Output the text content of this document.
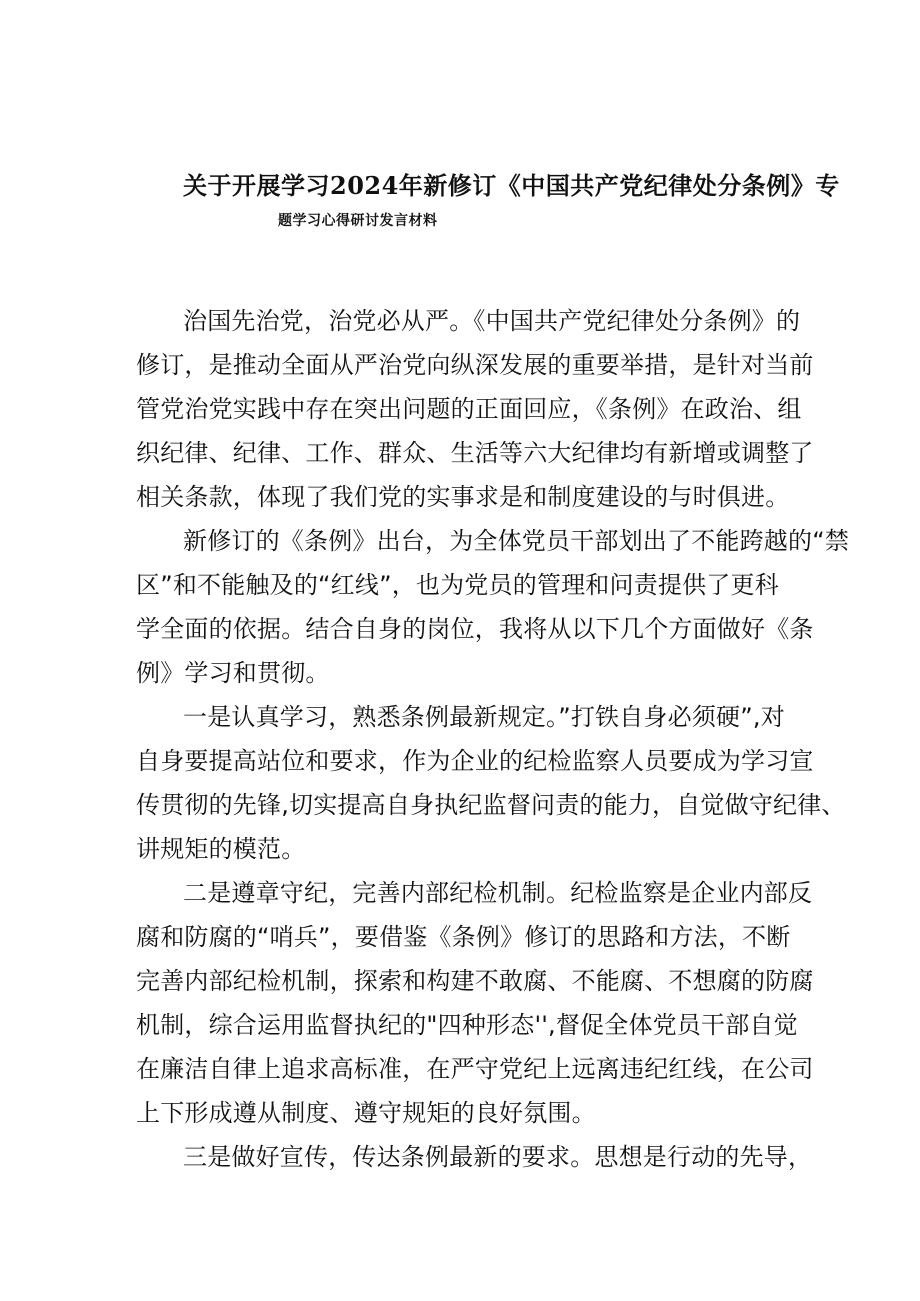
关于开展学习2024年新修订《中国共产党纪律处分条例》专
题学习心得研讨发言材料
治国先治党，治党必从严。《中国共产党纪律处分条例》的
修订，是推动全面从严治党向纵深发展的重要举措，是针对当前
管党治党实践中存在突出问题的正面回应，《条例》在政治、组
织纪律、纪律、工作、群众、生活等六大纪律均有新增或调整了
相关条款，体现了我们党的实事求是和制度建设的与时俱进。
新修订的《条例》出台，为全体党员干部划出了不能跨越的“禁
区”和不能触及的“红线”，也为党员的管理和问责提供了更科
学全面的依据。结合自身的岗位，我将从以下几个方面做好《条
例》学习和贯彻。
一是认真学习，熟悉条例最新规定。”打铁自身必须硬”,对
自身要提高站位和要求，作为企业的纪检监察人员要成为学习宣
传贯彻的先锋,切实提高自身执纪监督问责的能力，自觉做守纪律、
讲规矩的模范。
二是遵章守纪，完善内部纪检机制。纪检监察是企业内部反
腐和防腐的“哨兵”，要借鉴《条例》修订的思路和方法，不断
完善内部纪检机制，探索和构建不敢腐、不能腐、不想腐的防腐
机制，综合运用监督执纪的"四种形态'',督促全体党员干部自觉
在廉洁自律上追求高标准，在严守党纪上远离违纪红线，在公司
上下形成遵从制度、遵守规矩的良好氛围。
三是做好宣传，传达条例最新的要求。思想是行动的先导，
